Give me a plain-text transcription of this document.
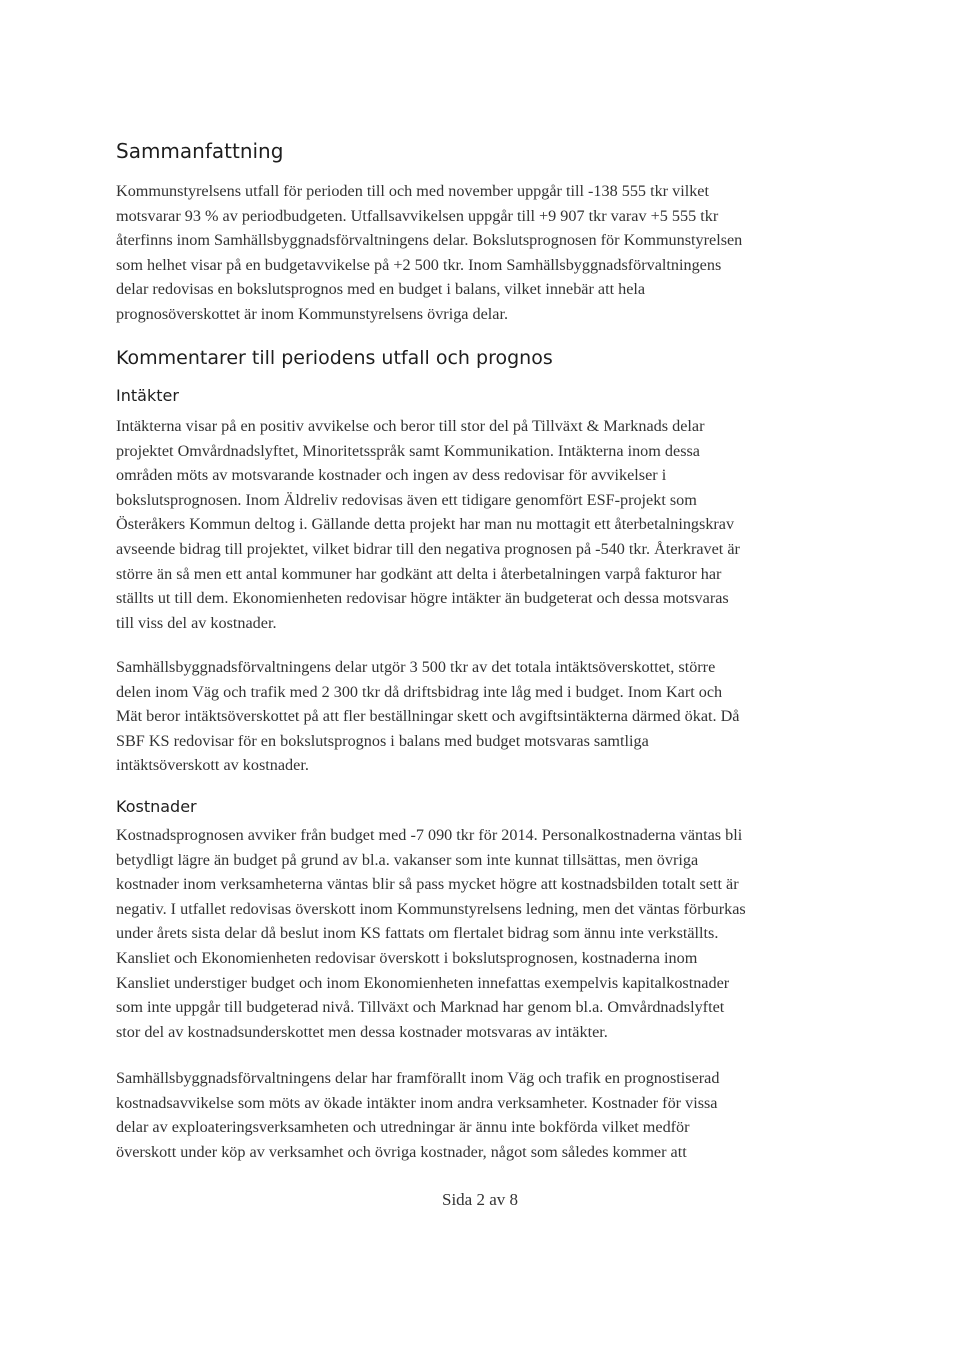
Sammanfattning
Kommunstyrelsens utfall för perioden till och med november uppgår till -138 555 tkr vilket
motsvarar 93 % av periodbudgeten. Utfallsavvikelsen uppgår till +9 907 tkr varav +5 555 tkr
återfinns inom Samhällsbyggnadsförvaltningens delar. Bokslutsprognosen för Kommunstyrelsen
som helhet visar på en budgetavvikelse på +2 500 tkr. Inom Samhällsbyggnadsförvaltningens
delar redovisas en bokslutsprognos med en budget i balans, vilket innebär att hela
prognosöverskottet är inom Kommunstyrelsens övriga delar.
Kommentarer till periodens utfall och prognos
Intäkter
Intäkterna visar på en positiv avvikelse och beror till stor del på Tillväxt & Marknads delar
projektet Omvårdnadslyftet, Minoritetsspråk samt Kommunikation. Intäkterna inom dessa
områden möts av motsvarande kostnader och ingen av dess redovisar för avvikelser i
bokslutsprognosen. Inom Äldreliv redovisas även ett tidigare genomfört ESF-projekt som
Österåkers Kommun deltog i. Gällande detta projekt har man nu mottagit ett återbetalningskrav
avseende bidrag till projektet, vilket bidrar till den negativa prognosen på -540 tkr. Återkravet är
större än så men ett antal kommuner har godkänt att delta i återbetalningen varpå fakturor har
ställts ut till dem. Ekonomienheten redovisar högre intäkter än budgeterat och dessa motsvaras
till viss del av kostnader.
Samhällsbyggnadsförvaltningens delar utgör 3 500 tkr av det totala intäktsöverskottet, större
delen inom Väg och trafik med 2 300 tkr då driftsbidrag inte låg med i budget. Inom Kart och
Mät beror intäktsöverskottet på att fler beställningar skett och avgiftsintäkterna därmed ökat. Då
SBF KS redovisar för en bokslutsprognos i balans med budget motsvaras samtliga
intäktsöverskott av kostnader.
Kostnader
Kostnadsprognosen avviker från budget med -7 090 tkr för 2014. Personalkostnaderna väntas bli
betydligt lägre än budget på grund av bl.a. vakanser som inte kunnat tillsättas, men övriga
kostnader inom verksamheterna väntas blir så pass mycket högre att kostnadsbilden totalt sett är
negativ. I utfallet redovisas överskott inom Kommunstyrelsens ledning, men det väntas förburkas
under årets sista delar då beslut inom KS fattats om flertalet bidrag som ännu inte verkställts.
Kansliet och Ekonomienheten redovisar överskott i bokslutsprognosen, kostnaderna inom
Kansliet understiger budget och inom Ekonomienheten innefattas exempelvis kapitalkostnader
som inte uppgår till budgeterad nivå. Tillväxt och Marknad har genom bl.a. Omvårdnadslyftet
stor del av kostnadsunderskottet men dessa kostnader motsvaras av intäkter.
Samhällsbyggnadsförvaltningens delar har framförallt inom Väg och trafik en prognostiserad
kostnadsavvikelse som möts av ökade intäkter inom andra verksamheter. Kostnader för vissa
delar av exploateringsverksamheten och utredningar är ännu inte bokförda vilket medför
överskott under köp av verksamhet och övriga kostnader, något som således kommer att
Sida 2 av 8
